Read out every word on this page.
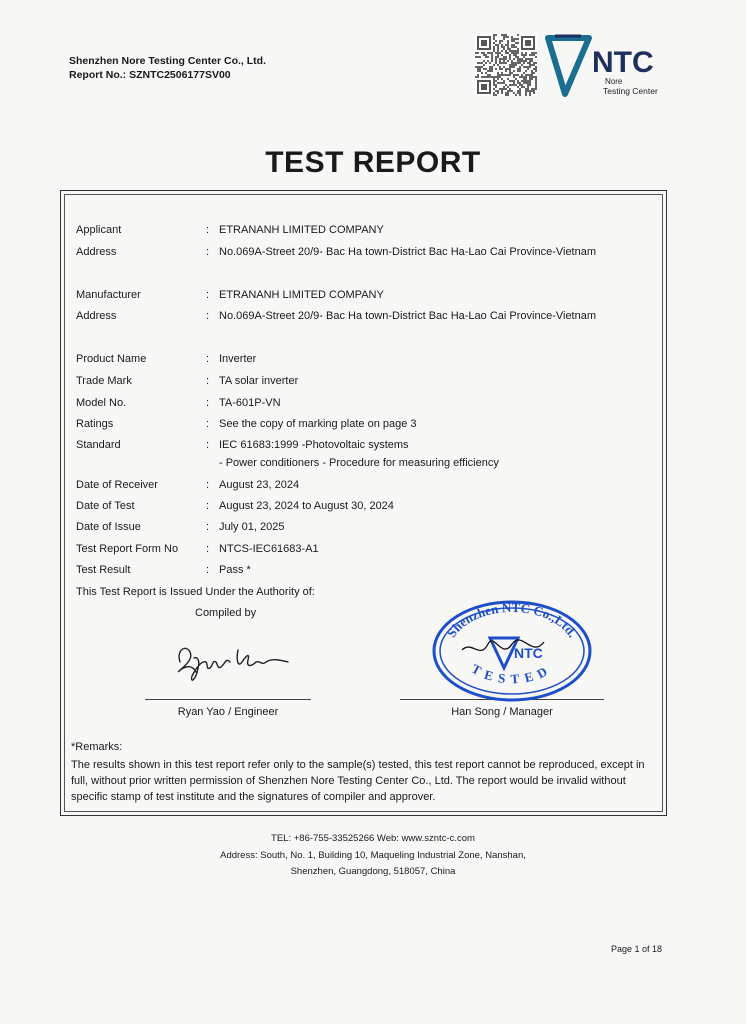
Shenzhen Nore Testing Center Co., Ltd.
Report No.: SZNTC2506177SV00	NTC
Nore
Testing Center
TEST REPORT
Applicant	: ETRANANH LIMITED COMPANY
Address	: No.069A-Street 20/9- Bac Ha town-District Bac Ha-Lao Cai Province-Vietnam
Manufacturer	: ETRANANH LIMITED COMPANY
Address	: No.069A-Street 20/9- Bac Ha town-District Bac Ha-Lao Cai Province-Vietnam
Product Name	: Inverter
Trade Mark	: TA solar inverter
Model No.	: TA-601P-VN
Ratings	: See the copy of marking plate on page 3
Standard	: IEC 61683:1999 -Photovoltaic systems
- Power conditioners - Procedure for measuring efficiency
Date of Receiver	: August 23, 2024
Date of Test	: August 23, 2024 to August 30, 2024
Date of Issue	: July 01, 2025
Test Report Form No	: NTCS-IEC61683-A1
Test Result	: Pass *
This Test Report is Issued Under the Authority of:
Compiled by
Ryan Yao
Ryan Yao / Engineer	Han Song / Manager
Shenzhen NTC Co.,Ltd.
TESTED
NTC
Han Song
*Remarks:
The results shown in this test report refer only to the sample(s) tested, this test report cannot be reproduced, except in full, without prior written permission of Shenzhen Nore Testing Center Co., Ltd. The report would be invalid without specific stamp of test institute and the signatures of compiler and approver.
TEL: +86-755-33525266 Web: www.szntc-c.com
Address: South, No. 1, Building 10, Maqueling Industrial Zone, Nanshan,
Shenzhen, Guangdong, 518057, China
Page 1 of 18
